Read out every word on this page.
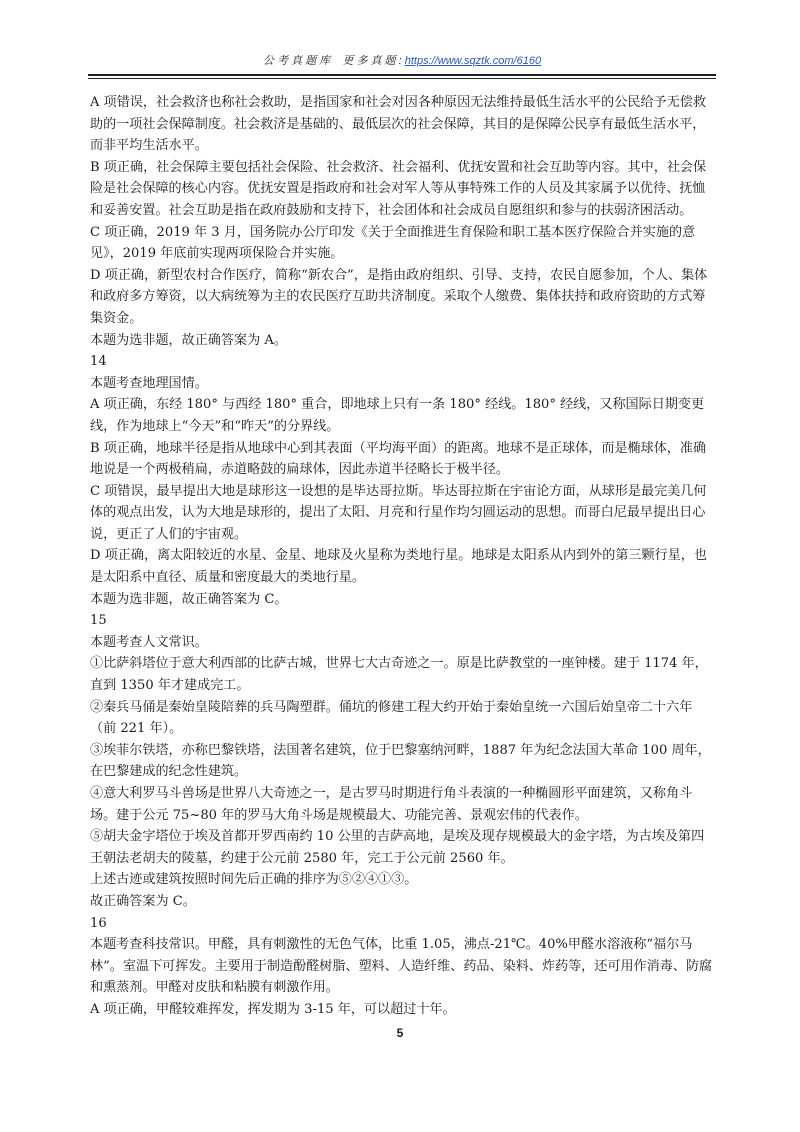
公 考 真 题 库 更 多 真 题 : https://www.sqztk.com/6160

A 项错误，社会救济也称社会救助，是指国家和社会对因各种原因无法维持最低生活水平的公民给予无偿救助的一项社会保障制度。社会救济是基础的、最低层次的社会保障，其目的是保障公民享有最低生活水平，而非平均生活水平。

B 项正确，社会保障主要包括社会保险、社会救济、社会福利、优抚安置和社会互助等内容。其中，社会保险是社会保障的核心内容。优抚安置是指政府和社会对军人等从事特殊工作的人员及其家属予以优待、抚恤和妥善安置。社会互助是指在政府鼓励和支持下，社会团体和社会成员自愿组织和参与的扶弱济困活动。

C 项正确，2019 年 3 月，国务院办公厅印发《关于全面推进生育保险和职工基本医疗保险合并实施的意见》，2019 年底前实现两项保险合并实施。

D 项正确，新型农村合作医疗，简称“新农合”，是指由政府组织、引导、支持，农民自愿参加，个人、集体和政府多方筹资，以大病统筹为主的农民医疗互助共济制度。采取个人缴费、集体扶持和政府资助的方式筹集资金。

本题为选非题，故正确答案为 A。

14

本题考查地理国情。

A 项正确，东经 180° 与西经 180° 重合，即地球上只有一条 180° 经线。180° 经线，又称国际日期变更线，作为地球上“今天”和“昨天”的分界线。

B 项正确，地球半径是指从地球中心到其表面（平均海平面）的距离。地球不是正球体，而是椭球体，准确地说是一个两极稍扁，赤道略鼓的扁球体，因此赤道半径略长于极半径。

C 项错误，最早提出大地是球形这一设想的是毕达哥拉斯。毕达哥拉斯在宇宙论方面，从球形是最完美几何体的观点出发，认为大地是球形的，提出了太阳、月亮和行星作均匀圆运动的思想。而哥白尼最早提出日心说，更正了人们的宇宙观。

D 项正确，离太阳较近的水星、金星、地球及火星称为类地行星。地球是太阳系从内到外的第三颗行星，也是太阳系中直径、质量和密度最大的类地行星。

本题为选非题，故正确答案为 C。

15

本题考查人文常识。

①比萨斜塔位于意大利西部的比萨古城，世界七大古奇迹之一。原是比萨教堂的一座钟楼。建于 1174 年，直到 1350 年才建成完工。

②秦兵马俑是秦始皇陵陪葬的兵马陶塑群。俑坑的修建工程大约开始于秦始皇统一六国后始皇帝二十六年（前 221 年）。

③埃菲尔铁塔，亦称巴黎铁塔，法国著名建筑，位于巴黎塞纳河畔，1887 年为纪念法国大革命 100 周年，在巴黎建成的纪念性建筑。

④意大利罗马斗兽场是世界八大奇迹之一，是古罗马时期进行角斗表演的一种椭圆形平面建筑，又称角斗场。建于公元 75~80 年的罗马大角斗场是规模最大、功能完善、景观宏伟的代表作。

⑤胡夫金字塔位于埃及首都开罗西南约 10 公里的吉萨高地，是埃及现存规模最大的金字塔，为古埃及第四王朝法老胡夫的陵墓，约建于公元前 2580 年，完工于公元前 2560 年。

上述古迹或建筑按照时间先后正确的排序为⑤②④①③。

故正确答案为 C。

16

本题考查科技常识。甲醛，具有刺激性的无色气体，比重 1.05，沸点-21℃。40%甲醛水溶液称“福尔马林”。室温下可挥发。主要用于制造酚醛树脂、塑料、人造纤维、药品、染料、炸药等，还可用作消毒、防腐和熏蒸剂。甲醛对皮肤和粘膜有刺激作用。

A 项正确，甲醛较难挥发，挥发期为 3-15 年，可以超过十年。

5
